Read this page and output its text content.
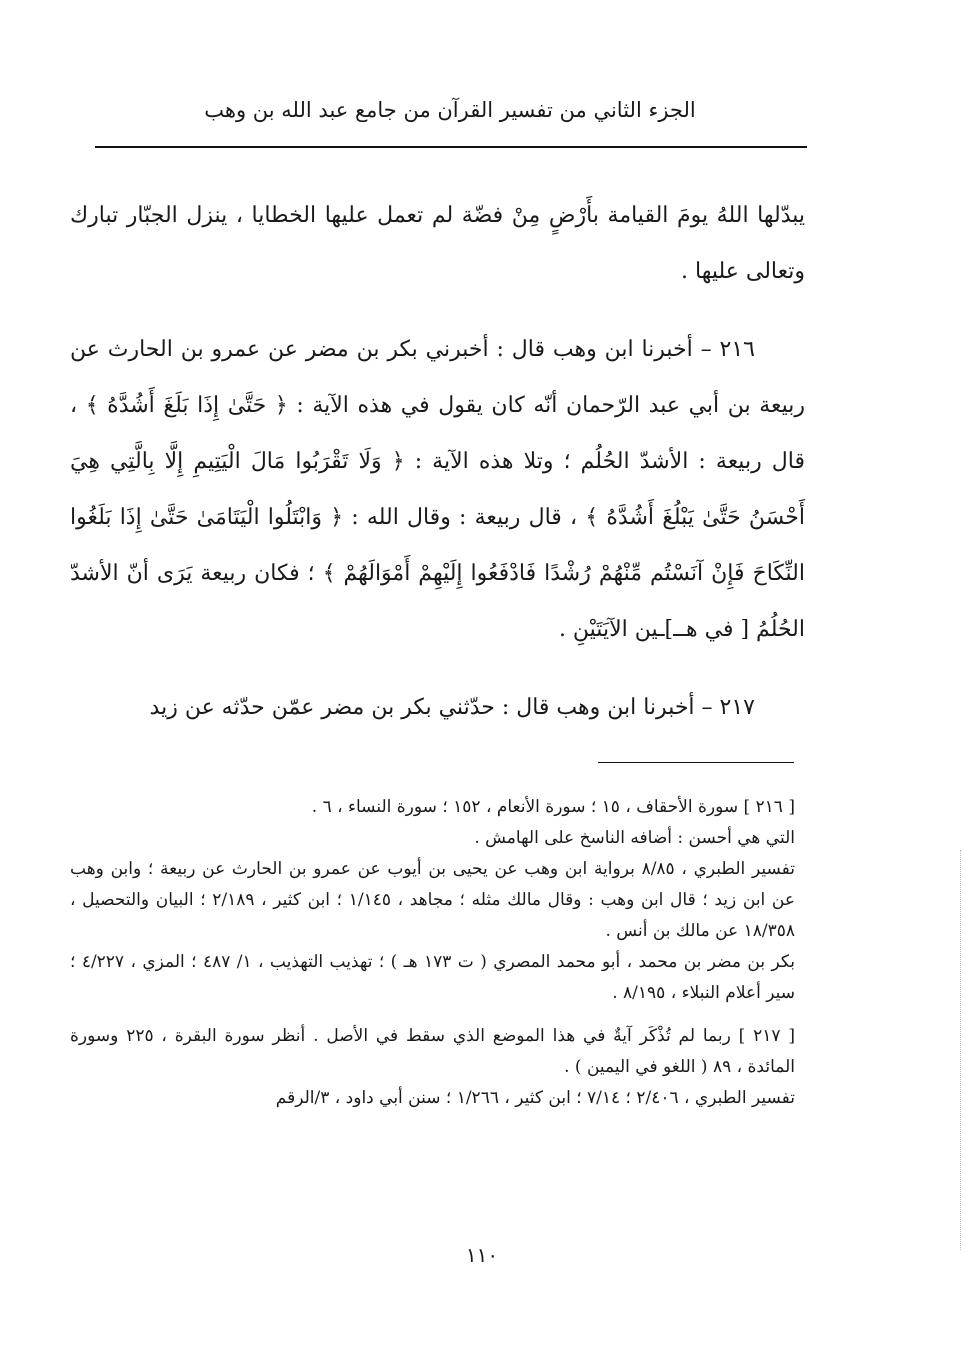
الجزء الثاني من تفسير القرآن من جامع عبد الله بن وهب

يبدّلها اللهُ يومَ القيامة بأَرْضٍ مِنْ فضّة لم تعمل عليها الخطايا ، ينزل الجبّار تبارك وتعالى عليها .

٢١٦ – أخبرنا ابن وهب قال : أخبرني بكر بن مضر عن عمرو بن الحارث عن ربيعة بن أبي عبد الرّحمان أنّه كان يقول في هذه الآية : ﴿ حَتَّىٰ إِذَا بَلَغَ أَشُدَّهُ ﴾ ، قال ربيعة : الأشدّ الحُلُم ؛ وتلا هذه الآية : ﴿ وَلَا تَقْرَبُوا مَالَ الْيَتِيمِ إِلَّا بِالَّتِي هِيَ أَحْسَنُ حَتَّىٰ يَبْلُغَ أَشُدَّهُ ﴾ ، قال ربيعة : وقال الله : ﴿ وَابْتَلُوا الْيَتَامَىٰ حَتَّىٰ إِذَا بَلَغُوا النِّكَاحَ فَإِنْ آنَسْتُم مِّنْهُمْ رُشْدًا فَادْفَعُوا إِلَيْهِمْ أَمْوَالَهُمْ ﴾ ؛ فكان ربيعة يَرَى أنّ الأشدّ الحُلُمُ [ في هـ‍ـ]ـين الآيَتَيْنِ .

٢١٧ – أخبرنا ابن وهب قال : حدّثني بكر بن مضر عمّن حدّثه عن زيد

[ ٢١٦ ] سورة الأحقاف ، ١٥ ؛ سورة الأنعام ، ١٥٢ ؛ سورة النساء ، ٦ .

التي هي أحسن : أضافه الناسخ على الهامش .

تفسير الطبري ، ٨/٨٥ برواية ابن وهب عن يحيى بن أيوب عن عمرو بن الحارث عن ربيعة ؛ وابن وهب عن ابن زيد ؛ قال ابن وهب : وقال مالك مثله ؛ مجاهد ، ١/١٤٥ ؛ ابن كثير ، ٢/١٨٩ ؛ البيان والتحصيل ، ١٨/٣٥٨ عن مالك بن أنس .

بكر بن مضر بن محمد ، أبو محمد المصري ( ت ١٧٣ هـ ) ؛ تهذيب التهذيب ، ١/ ٤٨٧ ؛ المزي ، ٤/٢٢٧ ؛ سير أعلام النبلاء ، ٨/١٩٥ .

[ ٢١٧ ] ربما لم تُذْكَر آيةٌ في هذا الموضع الذي سقط في الأصل . أنظر سورة البقرة ، ٢٢٥ وسورة المائدة ، ٨٩ ( اللغو في اليمين ) .

تفسير الطبري ، ٢/٤٠٦ ؛ ٧/١٤ ؛ ابن كثير ، ١/٢٦٦ ؛ سنن أبي داود ، ٣/الرقم

١١٠
